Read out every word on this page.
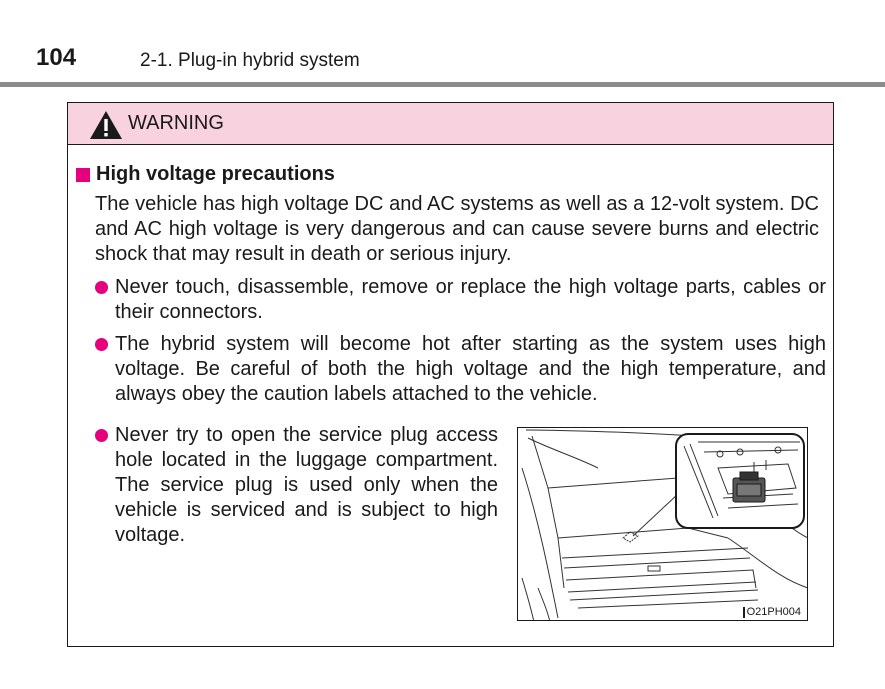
104	2-1. Plug-in hybrid system
WARNING
High voltage precautions

The vehicle has high voltage DC and AC systems as well as a 12-volt system. DC and AC high voltage is very dangerous and can cause severe burns and electric shock that may result in death or serious injury.

Never touch, disassemble, remove or replace the high voltage parts, cables or their connectors.

The hybrid system will become hot after starting as the system uses high voltage. Be careful of both the high voltage and the high temperature, and always obey the caution labels attached to the vehicle.

Never try to open the service plug access hole located in the luggage compartment. The service plug is used only when the vehicle is serviced and is subject to high voltage.

O21PH004
